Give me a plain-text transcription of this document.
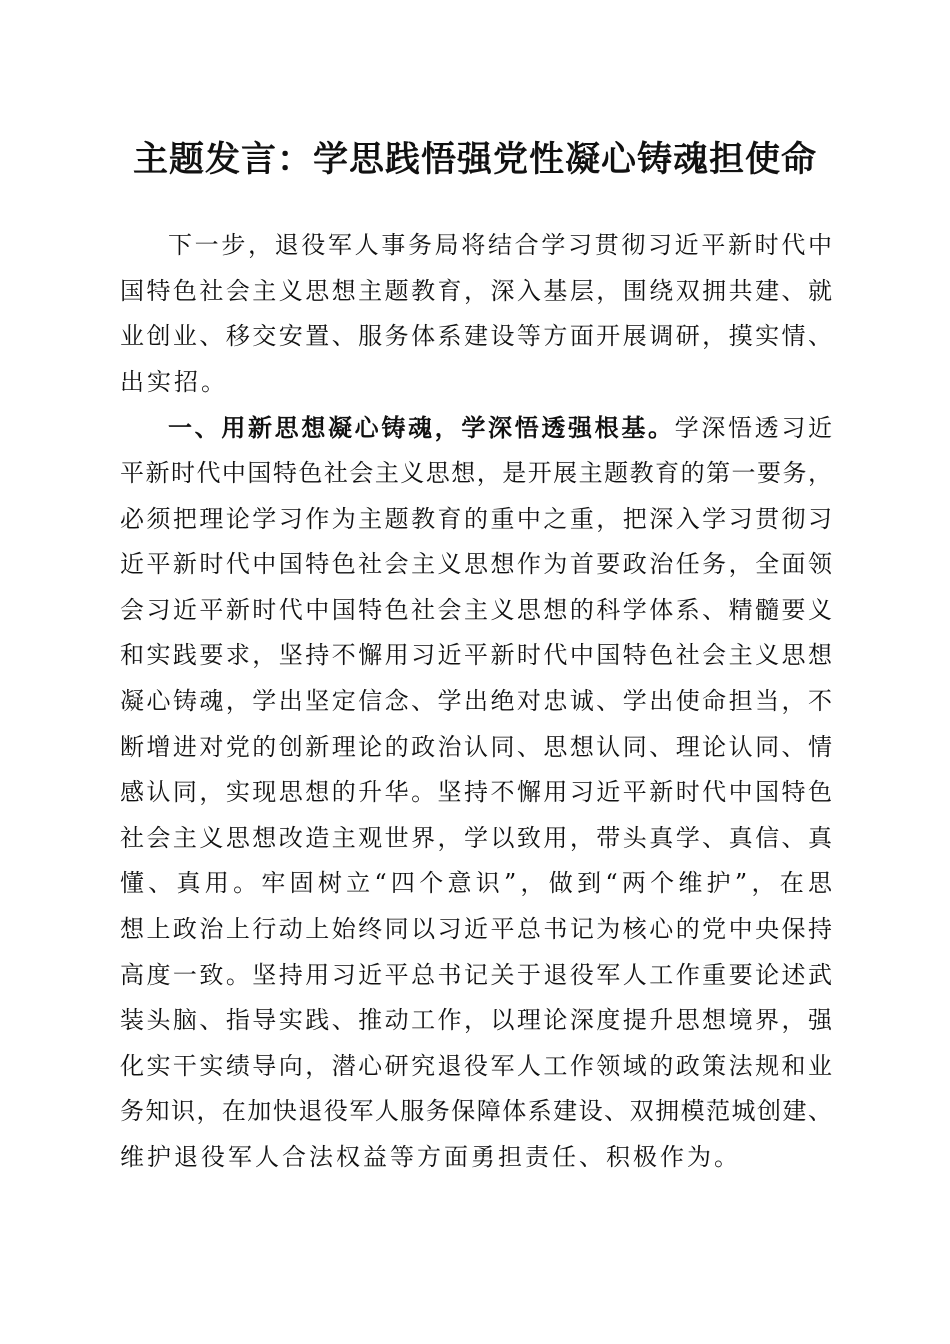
主题发言：学思践悟强党性凝心铸魂担使命
下一步，退役军人事务局将结合学习贯彻习近平新时代中
国特色社会主义思想主题教育，深入基层，围绕双拥共建、就
业创业、移交安置、服务体系建设等方面开展调研，摸实情、
出实招。
一、用新思想凝心铸魂，学深悟透强根基。学深悟透习近
平新时代中国特色社会主义思想，是开展主题教育的第一要务，
必须把理论学习作为主题教育的重中之重，把深入学习贯彻习
近平新时代中国特色社会主义思想作为首要政治任务，全面领
会习近平新时代中国特色社会主义思想的科学体系、精髓要义
和实践要求，坚持不懈用习近平新时代中国特色社会主义思想
凝心铸魂，学出坚定信念、学出绝对忠诚、学出使命担当，不
断增进对党的创新理论的政治认同、思想认同、理论认同、情
感认同，实现思想的升华。坚持不懈用习近平新时代中国特色
社会主义思想改造主观世界，学以致用，带头真学、真信、真
懂、真用。牢固树立“四个意识”，做到“两个维护”，在思
想上政治上行动上始终同以习近平总书记为核心的党中央保持
高度一致。坚持用习近平总书记关于退役军人工作重要论述武
装头脑、指导实践、推动工作，以理论深度提升思想境界，强
化实干实绩导向，潜心研究退役军人工作领域的政策法规和业
务知识，在加快退役军人服务保障体系建设、双拥模范城创建、
维护退役军人合法权益等方面勇担责任、积极作为。
